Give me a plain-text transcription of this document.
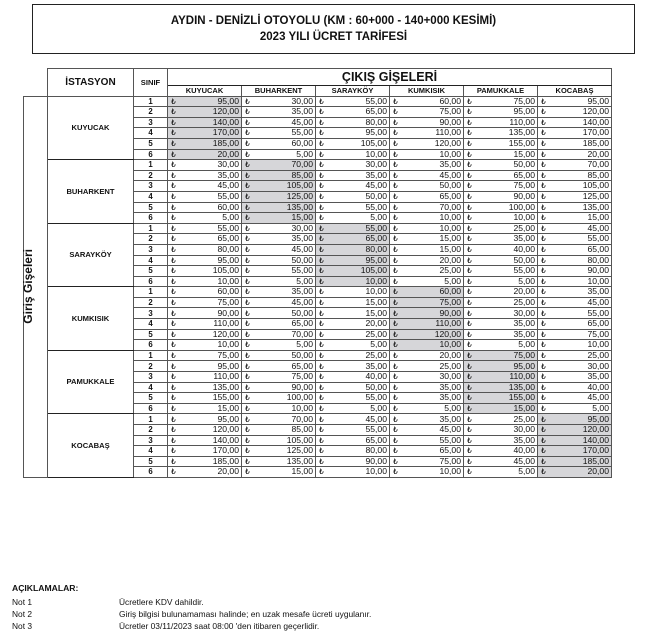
AYDIN - DENİZLİ OTOYOLU (KM : 60+000 - 140+000 KESİMİ)
2023 YILI ÜCRET TARİFESİ
	İSTASYON	SINIF	ÇIKIŞ GİŞELERİ											
			KUYUCAK		BUHARKENT		SARAYKÖY		KUMKISIK		PAMUKKALE		KOCABAŞ	

Giriş Gişeleri	KUYUCAK	1	₺	95,00	₺	30,00	₺	55,00	₺	60,00	₺	75,00	₺	95,00
		2	₺	120,00	₺	35,00	₺	65,00	₺	75,00	₺	95,00	₺	120,00
		3	₺	140,00	₺	45,00	₺	80,00	₺	90,00	₺	110,00	₺	140,00
		4	₺	170,00	₺	55,00	₺	95,00	₺	110,00	₺	135,00	₺	170,00
		5	₺	185,00	₺	60,00	₺	105,00	₺	120,00	₺	155,00	₺	185,00
		6	₺	20,00	₺	5,00	₺	10,00	₺	10,00	₺	15,00	₺	20,00
	BUHARKENT	1	₺	30,00	₺	70,00	₺	30,00	₺	35,00	₺	50,00	₺	70,00
		2	₺	35,00	₺	85,00	₺	35,00	₺	45,00	₺	65,00	₺	85,00
		3	₺	45,00	₺	105,00	₺	45,00	₺	50,00	₺	75,00	₺	105,00
		4	₺	55,00	₺	125,00	₺	50,00	₺	65,00	₺	90,00	₺	125,00
		5	₺	60,00	₺	135,00	₺	55,00	₺	70,00	₺	100,00	₺	135,00
		6	₺	5,00	₺	15,00	₺	5,00	₺	10,00	₺	10,00	₺	15,00
	SARAYKÖY	1	₺	55,00	₺	30,00	₺	55,00	₺	10,00	₺	25,00	₺	45,00
		2	₺	65,00	₺	35,00	₺	65,00	₺	15,00	₺	35,00	₺	55,00
		3	₺	80,00	₺	45,00	₺	80,00	₺	15,00	₺	40,00	₺	65,00
		4	₺	95,00	₺	50,00	₺	95,00	₺	20,00	₺	50,00	₺	80,00
		5	₺	105,00	₺	55,00	₺	105,00	₺	25,00	₺	55,00	₺	90,00
		6	₺	10,00	₺	5,00	₺	10,00	₺	5,00	₺	5,00	₺	10,00
	KUMKISIK	1	₺	60,00	₺	35,00	₺	10,00	₺	60,00	₺	20,00	₺	35,00
		2	₺	75,00	₺	45,00	₺	15,00	₺	75,00	₺	25,00	₺	45,00
		3	₺	90,00	₺	50,00	₺	15,00	₺	90,00	₺	30,00	₺	55,00
		4	₺	110,00	₺	65,00	₺	20,00	₺	110,00	₺	35,00	₺	65,00
		5	₺	120,00	₺	70,00	₺	25,00	₺	120,00	₺	35,00	₺	75,00
		6	₺	10,00	₺	5,00	₺	5,00	₺	10,00	₺	5,00	₺	10,00
	PAMUKKALE	1	₺	75,00	₺	50,00	₺	25,00	₺	20,00	₺	75,00	₺	25,00
		2	₺	95,00	₺	65,00	₺	35,00	₺	25,00	₺	95,00	₺	30,00
		3	₺	110,00	₺	75,00	₺	40,00	₺	30,00	₺	110,00	₺	35,00
		4	₺	135,00	₺	90,00	₺	50,00	₺	35,00	₺	135,00	₺	40,00
		5	₺	155,00	₺	100,00	₺	55,00	₺	35,00	₺	155,00	₺	45,00
		6	₺	15,00	₺	10,00	₺	5,00	₺	5,00	₺	15,00	₺	5,00
	KOCABAŞ	1	₺	95,00	₺	70,00	₺	45,00	₺	35,00	₺	25,00	₺	95,00
		2	₺	120,00	₺	85,00	₺	55,00	₺	45,00	₺	30,00	₺	120,00
		3	₺	140,00	₺	105,00	₺	65,00	₺	55,00	₺	35,00	₺	140,00
		4	₺	170,00	₺	125,00	₺	80,00	₺	65,00	₺	40,00	₺	170,00
		5	₺	185,00	₺	135,00	₺	90,00	₺	75,00	₺	45,00	₺	185,00
		6	₺	20,00	₺	15,00	₺	10,00	₺	10,00	₺	5,00	₺	20,00
AÇIKLAMALAR:
Not 1	Ücretlere KDV dahildir.
Not 2	Giriş bilgisi bulunamaması halinde; en uzak mesafe ücreti uygulanır.
Not 3	Ücretler 03/11/2023 saat 08:00 'den itibaren geçerlidir.
